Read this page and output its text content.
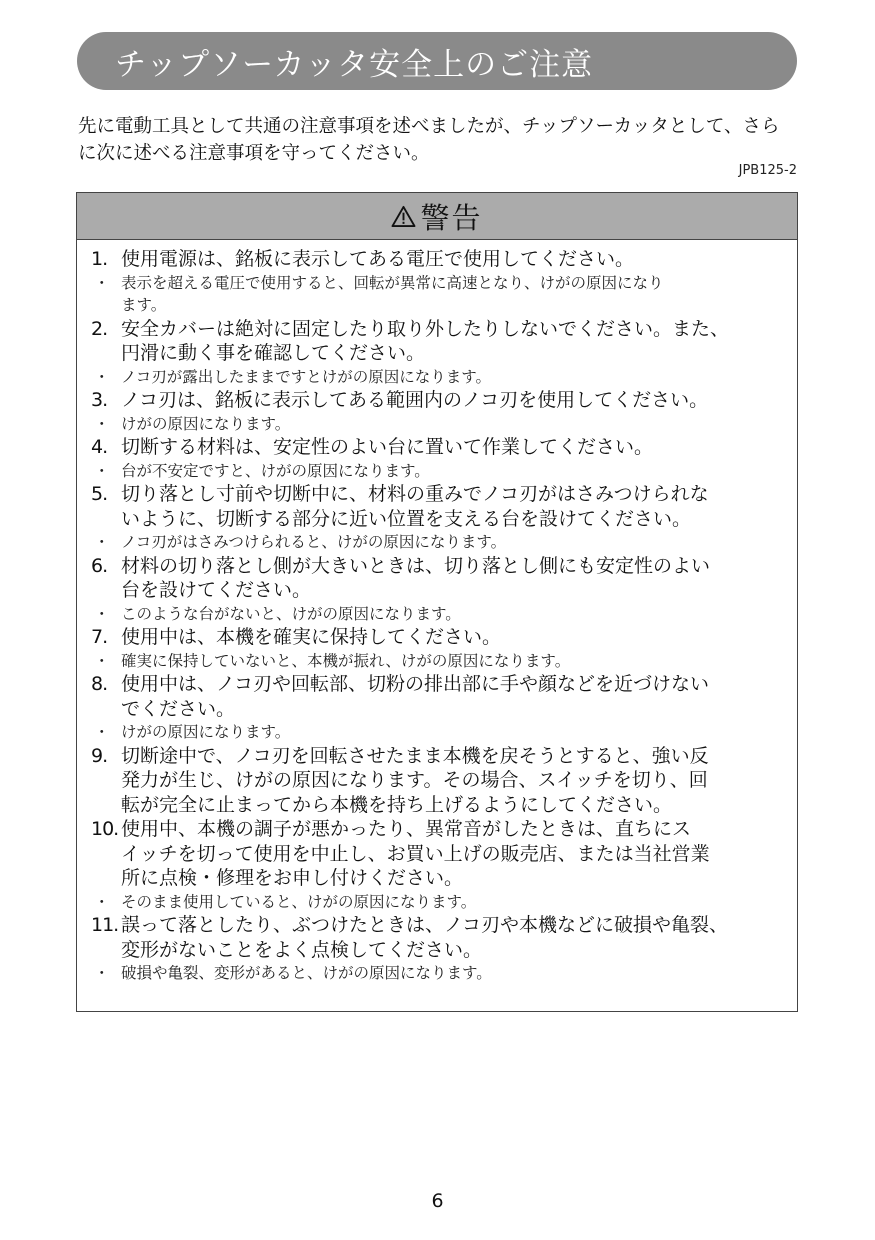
チップソーカッタ安全上のご注意

先に電動工具として共通の注意事項を述べましたが、チップソーカッタとして、さらに次に述べる注意事項を守ってください。

JPB125-2
警告
1. 使用電源は、銘板に表示してある電圧で使用してください。
・ 表示を超える電圧で使用すると、回転が異常に高速となり、けがの原因になり
ます。
2. 安全カバーは絶対に固定したり取り外したりしないでください。また、
円滑に動く事を確認してください。
・ ノコ刃が露出したままですとけがの原因になります。
3. ノコ刃は、銘板に表示してある範囲内のノコ刃を使用してください。
・ けがの原因になります。
4. 切断する材料は、安定性のよい台に置いて作業してください。
・ 台が不安定ですと、けがの原因になります。
5. 切り落とし寸前や切断中に、材料の重みでノコ刃がはさみつけられな
いように、切断する部分に近い位置を支える台を設けてください。
・ ノコ刃がはさみつけられると、けがの原因になります。
6. 材料の切り落とし側が大きいときは、切り落とし側にも安定性のよい
台を設けてください。
・ このような台がないと、けがの原因になります。
7. 使用中は、本機を確実に保持してください。
・ 確実に保持していないと、本機が振れ、けがの原因になります。
8. 使用中は、ノコ刃や回転部、切粉の排出部に手や顔などを近づけない
でください。
・ けがの原因になります。
9. 切断途中で、ノコ刃を回転させたまま本機を戻そうとすると、強い反
発力が生じ、けがの原因になります。その場合、スイッチを切り、回
転が完全に止まってから本機を持ち上げるようにしてください。
10. 使用中、本機の調子が悪かったり、異常音がしたときは、直ちにス
イッチを切って使用を中止し、お買い上げの販売店、または当社営業
所に点検・修理をお申し付けください。
・ そのまま使用していると、けがの原因になります。
11. 誤って落としたり、ぶつけたときは、ノコ刃や本機などに破損や亀裂、
変形がないことをよく点検してください。
・ 破損や亀裂、変形があると、けがの原因になります。
6
